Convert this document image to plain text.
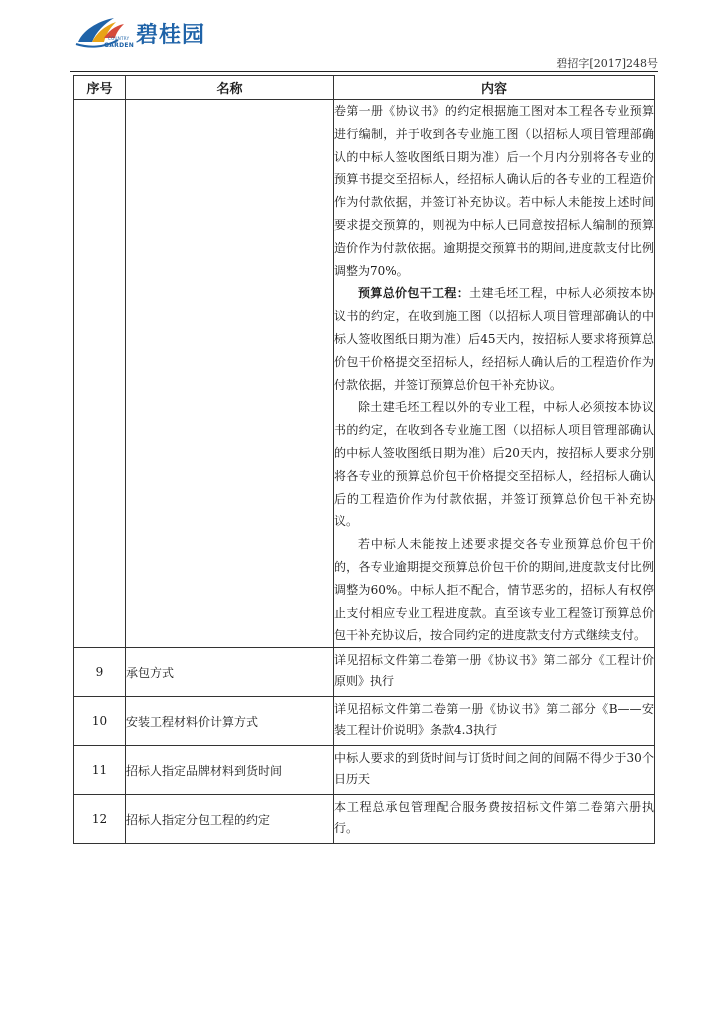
COUNTRY
GARDEN 碧桂园
碧招字[2017]248号
序号	名称	内容

		卷第一册《协议书》的约定根据施工图对本工程各专业预算进行编制，并于收到各专业施工图（以招标人项目管理部确认的中标人签收图纸日期为准）后一个月内分别将各专业的预算书提交至招标人，经招标人确认后的各专业的工程造价作为付款依据，并签订补充协议。若中标人未能按上述时间要求提交预算的，则视为中标人已同意按招标人编制的预算造价作为付款依据。逾期提交预算书的期间,进度款支付比例调整为70%。

预算总价包干工程：土建毛坯工程，中标人必须按本协议书的约定，在收到施工图（以招标人项目管理部确认的中标人签收图纸日期为准）后45天内，按招标人要求将预算总价包干价格提交至招标人，经招标人确认后的工程造价作为付款依据，并签订预算总价包干补充协议。

除土建毛坯工程以外的专业工程，中标人必须按本协议书的约定，在收到各专业施工图（以招标人项目管理部确认的中标人签收图纸日期为准）后20天内，按招标人要求分别将各专业的预算总价包干价格提交至招标人，经招标人确认后的工程造价作为付款依据，并签订预算总价包干补充协议。

若中标人未能按上述要求提交各专业预算总价包干价的，各专业逾期提交预算总价包干价的期间,进度款支付比例调整为60%。中标人拒不配合，情节恶劣的，招标人有权停止支付相应专业工程进度款。直至该专业工程签订预算总价包干补充协议后，按合同约定的进度款支付方式继续支付。

9	承包方式	详见招标文件第二卷第一册《协议书》第二部分《工程计价原则》执行
10	安装工程材料价计算方式	详见招标文件第二卷第一册《协议书》第二部分《B——安装工程计价说明》条款4.3执行
11	招标人指定品牌材料到货时间	中标人要求的到货时间与订货时间之间的间隔不得少于30个日历天
12	招标人指定分包工程的约定	本工程总承包管理配合服务费按招标文件第二卷第六册执行。
